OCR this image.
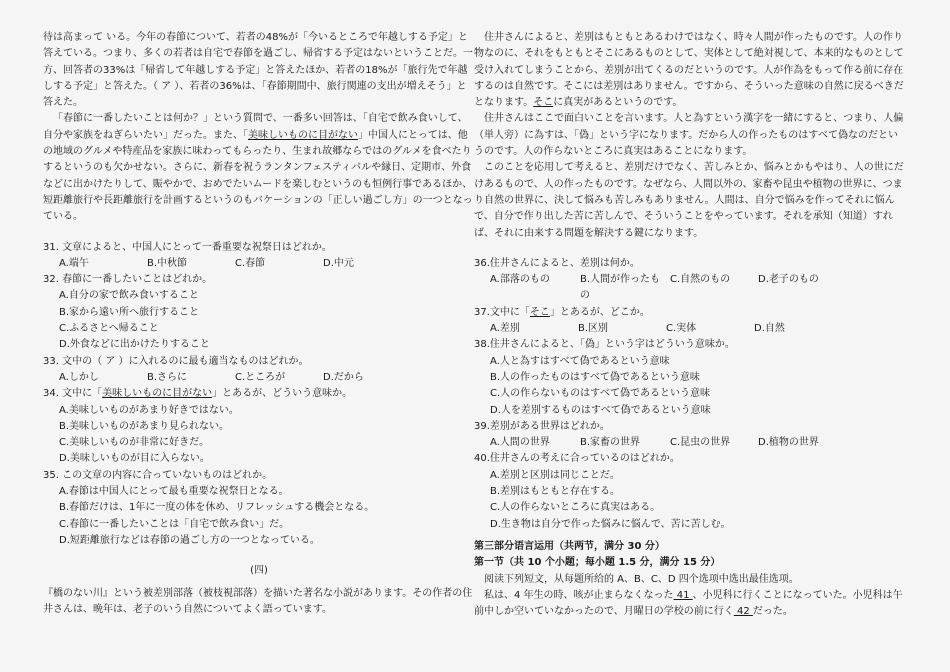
待は高まって いる。今年の春節について、若者の48%が「今いるところで年越しする予定」と答えている。つまり、多くの若者は自宅で春節を過ごし、帰省する予定はないということだ。一方、回答者の33%は「帰省して年越しする予定」と答えたほか、若者の18%が「旅行先で年越しする予定」と答えた。（ ア ）、若者の36%は、「春節期間中、旅行関連の支出が増えそう」と答えた。

「春節に一番したいことは何か？」という質問で、一番多い回答は、「自宅で飲み食いして、自分や家族をねぎらいたい」だった。また、「美味しいものに目がない」中国人にとっては、他の地域のグルメや特産品を家族に味わってもらったり、生まれ故郷ならではのグルメを食べたりするというのも欠かせない。さらに、新春を祝うランタンフェスティバルや縁日、定期市、外食などに出かけたりして、賑やかで、おめでたいムードを楽しむというのも恒例行事であるほか、短距離旅行や長距離旅行を計画するというのもバケーションの「正しい過ごし方」の一つとなっている。

31. 文章によると、中国人にとって一番重要な祝祭日はどれか。

A.端午	B.中秋節	C.春節	D.中元

32. 春節に一番したいことはどれか。

A.自分の家で飲み食いすること

B.家から遠い所へ旅行すること

C.ふるさとへ帰ること

D.外食などに出かけたりすること

33. 文中の（ ア ）に入れるのに最も適当なものはどれか。

A.しかし	B.さらに	C.ところが	D.だから

34. 文中に「美味しいものに目がない」とあるが、どういう意味か。

A.美味しいものがあまり好きではない。

B.美味しいものがあまり見られない。

C.美味しいものが非常に好きだ。

D.美味しいものが目に入らない。

35. この文章の内容に合っていないものはどれか。

A.春節は中国人にとって最も重要な祝祭日となる。

B.春節だけは、1年に一度の体を休め、リフレッシュする機会となる。

C.春節に一番したいことは「自宅で飲み食い」だ。

D.短距離旅行などは春節の過ごし方の一つとなっている。

(四)

『橋のない川』という被差別部落（被枝視部落）を描いた著名な小説があります。その作者の住井さんは、晩年は、老子のいう自然についてよく語っています。

住井さんによると、差別はもともとあるわけではなく、時々人間が作ったものです。人の作り物なのに、それをもともとそこにあるものとして、実体として絶対視して、本来的なものとして受け入れてしまうことから、差別が出てくるのだというのです。人が作為をもって作る前に存在するのは自然です。そこには差別はありません。ですから、そういった意味の自然に戻るべきだとなります。そこに真実があるというのです。

住井さんはここで面白いことを言います。人と為すという漢字を一緒にすると、つまり、人偏（単人旁）に為すは、「偽」という字になります。だから人の作ったものはすべて偽なのだというのです。人の作らないところに真実はあることになります。

このことを応用して考えると、差別だけでなく、苦しみとか、悩みとかもやはり、人の世にだけあるもので、人の作ったものです。なぜなら、人間以外の、家畜や昆虫や植物の世界に、つまり自然の世界に、決して悩みも苦しみもありません。人間は、自分で悩みを作ってそれに悩んで、自分で作り出した苦に苦しんで、そういうことをやっています。それを承知（知道）すれば、それに由来する問題を解決する鍵になります。

36.住井さんによると、差別は何か。

A.部落のもの	B.人間が作ったもの
C.自然のもの	D.老子のもの

37.文中に「そこ」とあるが、どこか。

A.差別	B.区別	C.実体	D.自然

38.住井さんによると、「偽」という字はどういう意味か。

A.人と為すはすべて偽であるという意味

B.人の作ったものはすべて偽であるという意味

C.人の作らないものはすべて偽であるという意味

D.人を差別するものはすべて偽であるという意味

39.差別がある世界はどれか。

A.人間の世界	B.家畜の世界	C.昆虫の世界	D.植物の世界

40.住井さんの考えに合っているのはどれか。

A.差別と区別は同じことだ。

B.差別はもともと存在する。

C.人の作らないところに真実はある。

D.生き物は自分で作った悩みに悩んで、苦に苦しむ。

第三部分语言运用（共两节，满分 30 分）

第一节（共 10 个小题；每小题 1.5 分，满分 15 分）

阅读下列短文，从每题所给的 A、B、C、D 四个选项中选出最佳选项。

私は、4 年生の時、咳が止まらなくなった 41 、小児科に行くことになっていた。小児科は午前中しか空いていなかったので、月曜日の学校の前に行く 42 だった。
